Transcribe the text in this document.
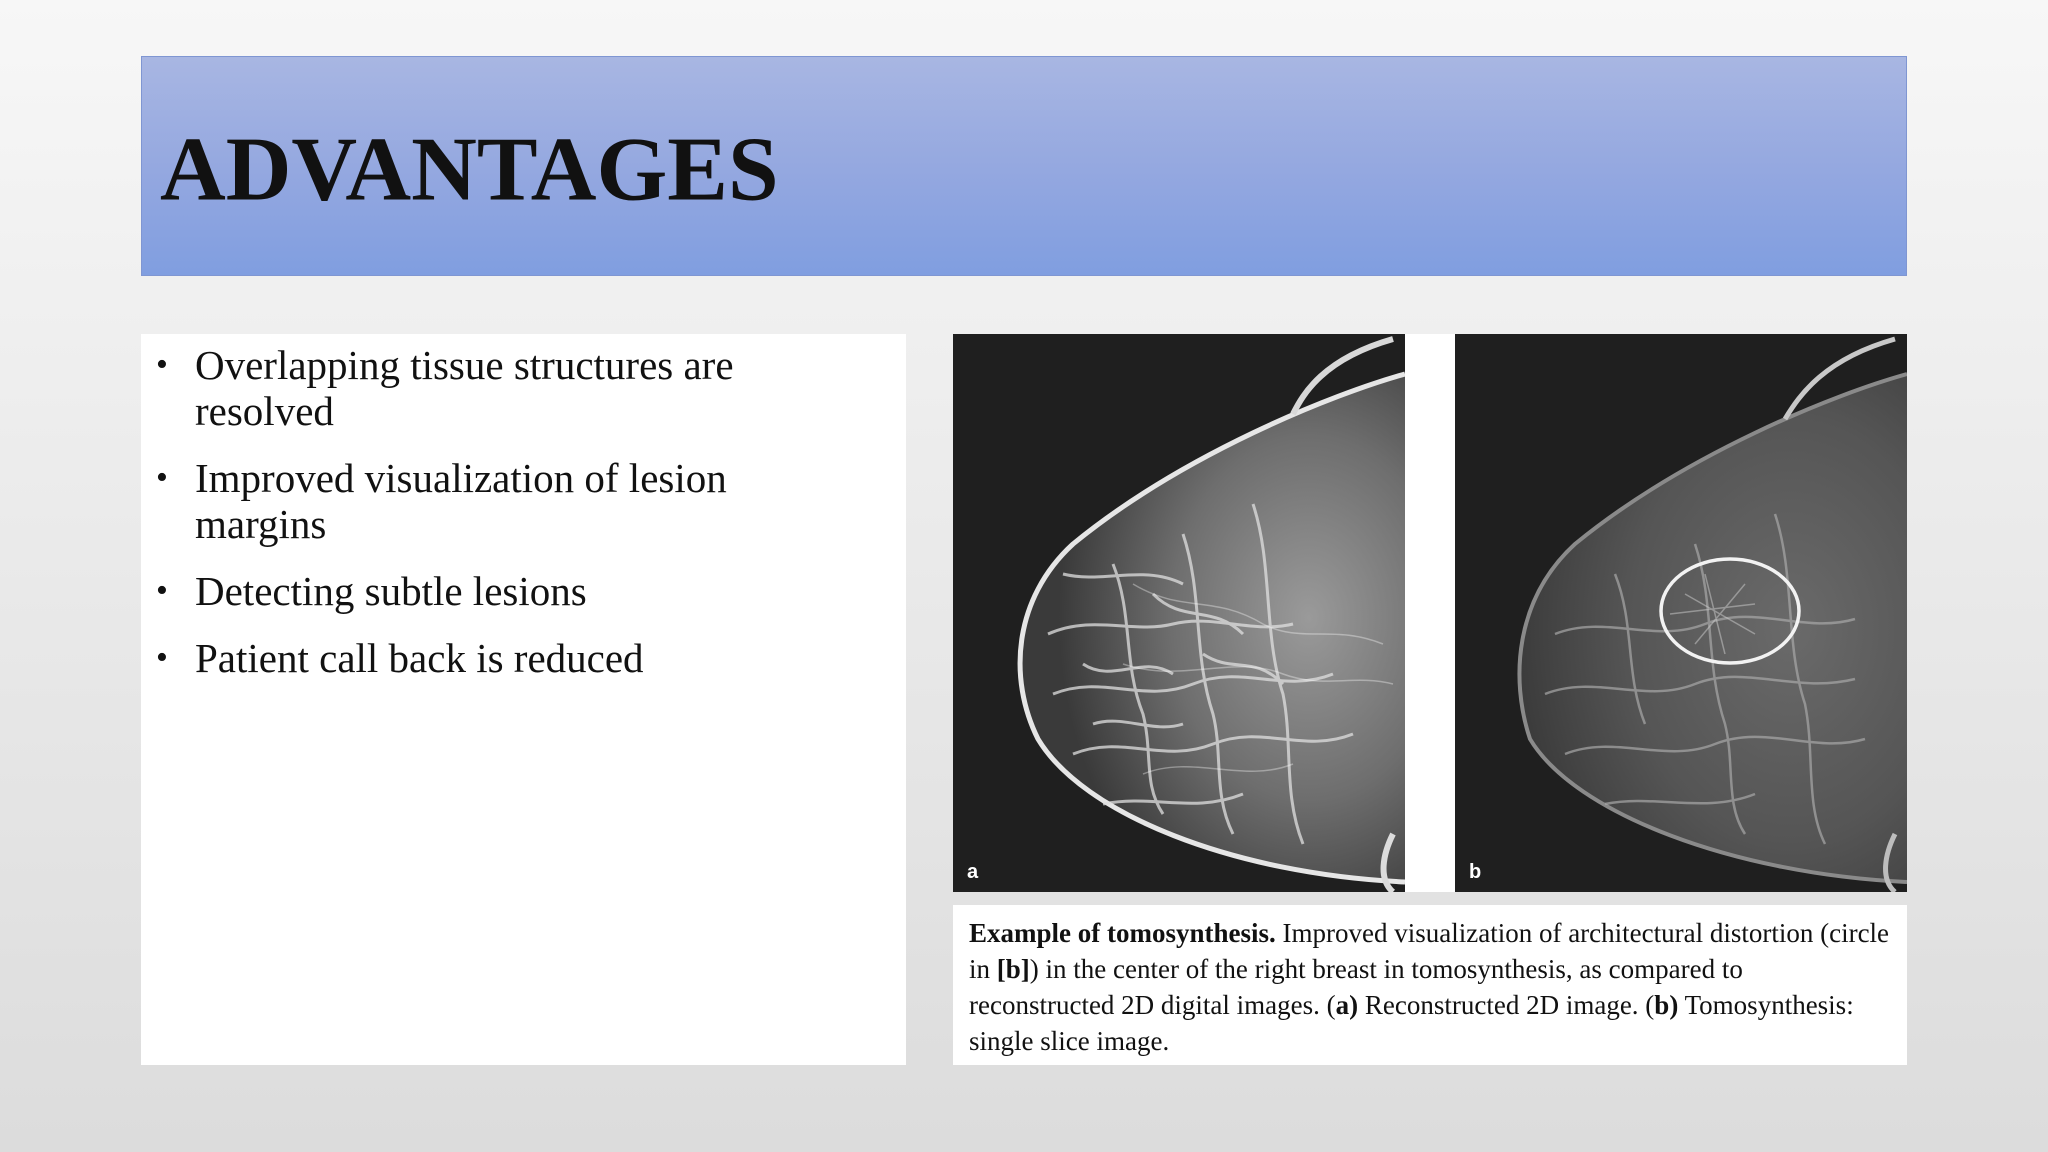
ADVANTAGES
• Overlapping tissue structures are resolved
• Improved visualization of lesion margins
• Detecting subtle lesions
• Patient call back is reduced
a	b
Example of tomosynthesis. Improved visualization of architectural distortion (circle in [b]) in the center of the right breast in tomosynthesis, as compared to reconstructed 2D digital images. (a) Reconstructed 2D image. (b) Tomosynthesis: single slice image.
